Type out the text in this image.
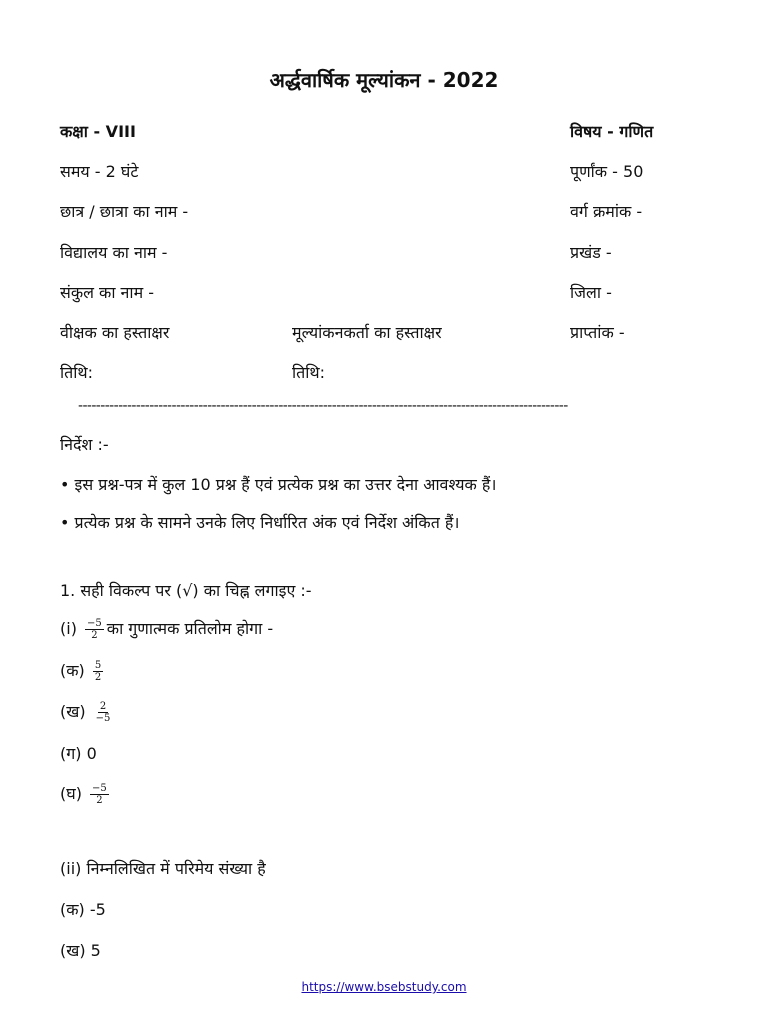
अर्द्धवार्षिक मूल्यांकन - 2022
कक्षा - VIII	विषय - गणित
समय - 2 घंटे	पूर्णांक - 50
छात्र / छात्रा का नाम -	वर्ग क्रमांक -
विद्यालय का नाम -	प्रखंड -
संकुल का नाम -	जिला -
वीक्षक का हस्ताक्षर	मूल्यांकनकर्ता का हस्ताक्षर	प्राप्तांक -
तिथि:	तिथि:
--------------------------------------------------------------------------------------------------------------
निर्देश :-
• इस प्रश्न-पत्र में कुल 10 प्रश्न हैं एवं प्रत्येक प्रश्न का उत्तर देना आवश्यक हैं।
• प्रत्येक प्रश्न के सामने उनके लिए निर्धारित अंक एवं निर्देश अंकित हैं।
1. सही विकल्प पर (√) का चिह्न लगाइए :-
$(i) \frac{-5}{2}$ का गुणात्मक प्रतिलोम होगा -
(क) $\frac{5}{2}$
(ख) $\frac{2}{-5}$
(ग) 0
(घ) $\frac{-5}{2}$
(ii) निम्नलिखित में परिमेय संख्या है
(क) -5
(ख) 5
https://www.bsebstudy.com
